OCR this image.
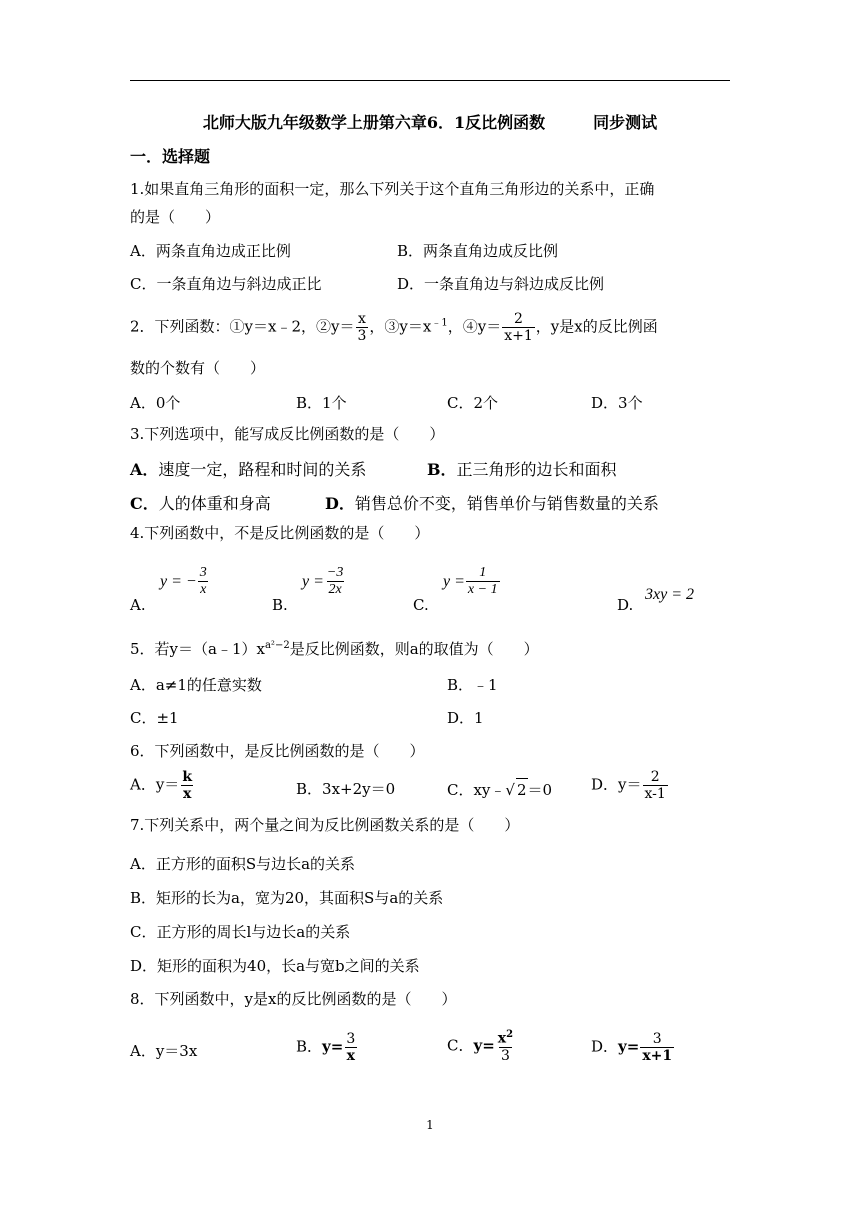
北师大版九年级数学上册第六章6．1反比例函数	同步测试
一．选择题
1.如果直角三角形的面积一定，那么下列关于这个直角三角形边的关系中，正确
的是（　　）
A．两条直角边成正比例	B．两条直角边成反比例
C．一条直角边与斜边成正比	D．一条直角边与斜边成反比例
2．下列函数：①y＝x﹣2，②y＝ $\frac{x}{3}$ ，$③y=x^{﹣1}$，④y＝ $\frac{2}{x+1}$ ，y是x的反比例函
数的个数有（　　）
A．0个	B．1个	C．2个	D．3个
3.下列选项中，能写成反比例函数的是（　　）
A．速度一定，路程和时间的关系	B．正三角形的边长和面积
C．人的体重和身高	D．销售总价不变，销售单价与销售数量的关系
4.下列函数中，不是反比例函数的是（　　）
A.
y = − $\frac{3}{x}$
B.
$y = \frac{-3}{2x}$
C.
$y = \frac{1}{x - 1}$
D.
3xy = 2
5．若$y=(a﹣1)x^{a^2-2}$是反比例函数，则a的取值为（　　）
A．a≠1的任意实数	B．﹣1
C．±1	D．1
6．下列函数中，是反比例函数的是（　　）
A．$y= \frac{k}{x}$	B．3x+2y＝0	C．xy﹣√ 2＝0	D．$y= \frac{2}{x-1}$
7.下列关系中，两个量之间为反比例函数关系的是（　　）
A．正方形的面积S与边长a的关系
B．矩形的长为a，宽为20，其面积S与a的关系
C．正方形的周长l与边长a的关系
D．矩形的面积为40，长a与宽b之间的关系
8．下列函数中，y是x的反比例函数的是（　　）
A．y＝3x	B．$y= \frac{3}{x}$	C．$y= \frac{x^2}{3}$	D．$y= \frac{3}{x+1}$
1
